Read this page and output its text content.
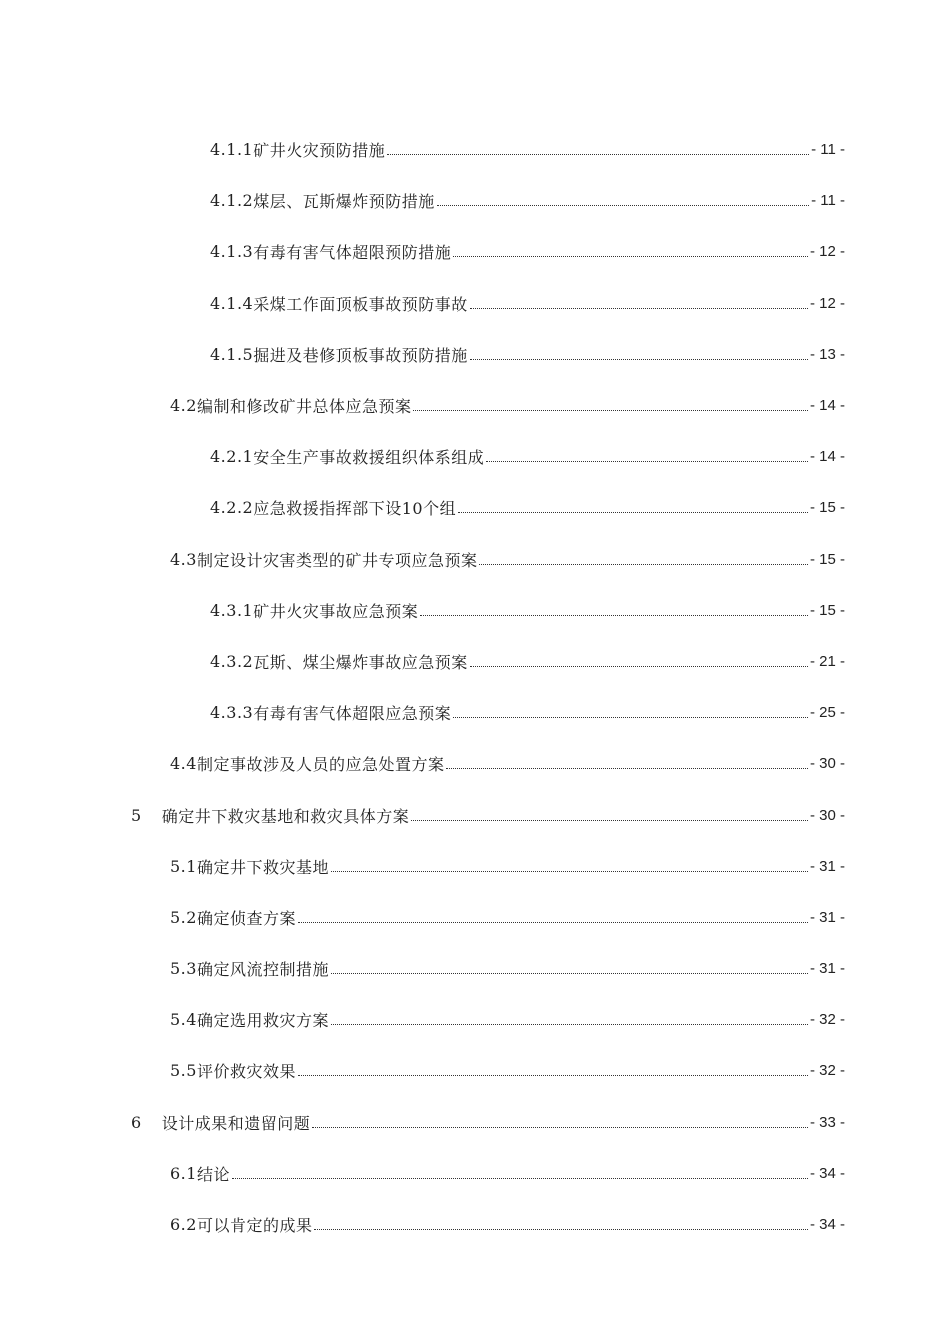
4.1.1 矿井火灾预防措施	- 11 -
4.1.2 煤层、瓦斯爆炸预防措施	- 11 -
4.1.3 有毒有害气体超限预防措施	- 12 -
4.1.4 采煤工作面顶板事故预防事故	- 12 -
4.1.5 掘进及巷修顶板事故预防措施	- 13 -
4.2 编制和修改矿井总体应急预案	- 14 -
4.2.1 安全生产事故救援组织体系组成	- 14 -
4.2.2 应急救援指挥部下设10个组	- 15 -
4.3 制定设计灾害类型的矿井专项应急预案	- 15 -
4.3.1 矿井火灾事故应急预案	- 15 -
4.3.2 瓦斯、煤尘爆炸事故应急预案	- 21 -
4.3.3 有毒有害气体超限应急预案	- 25 -
4.4 制定事故涉及人员的应急处置方案	- 30 -
5 确定井下救灾基地和救灾具体方案	- 30 -
5.1 确定井下救灾基地	- 31 -
5.2 确定侦查方案	- 31 -
5.3 确定风流控制措施	- 31 -
5.4 确定选用救灾方案	- 32 -
5.5 评价救灾效果	- 32 -
6 设计成果和遗留问题	- 33 -
6.1 结论	- 34 -
6.2 可以肯定的成果	- 34 -
